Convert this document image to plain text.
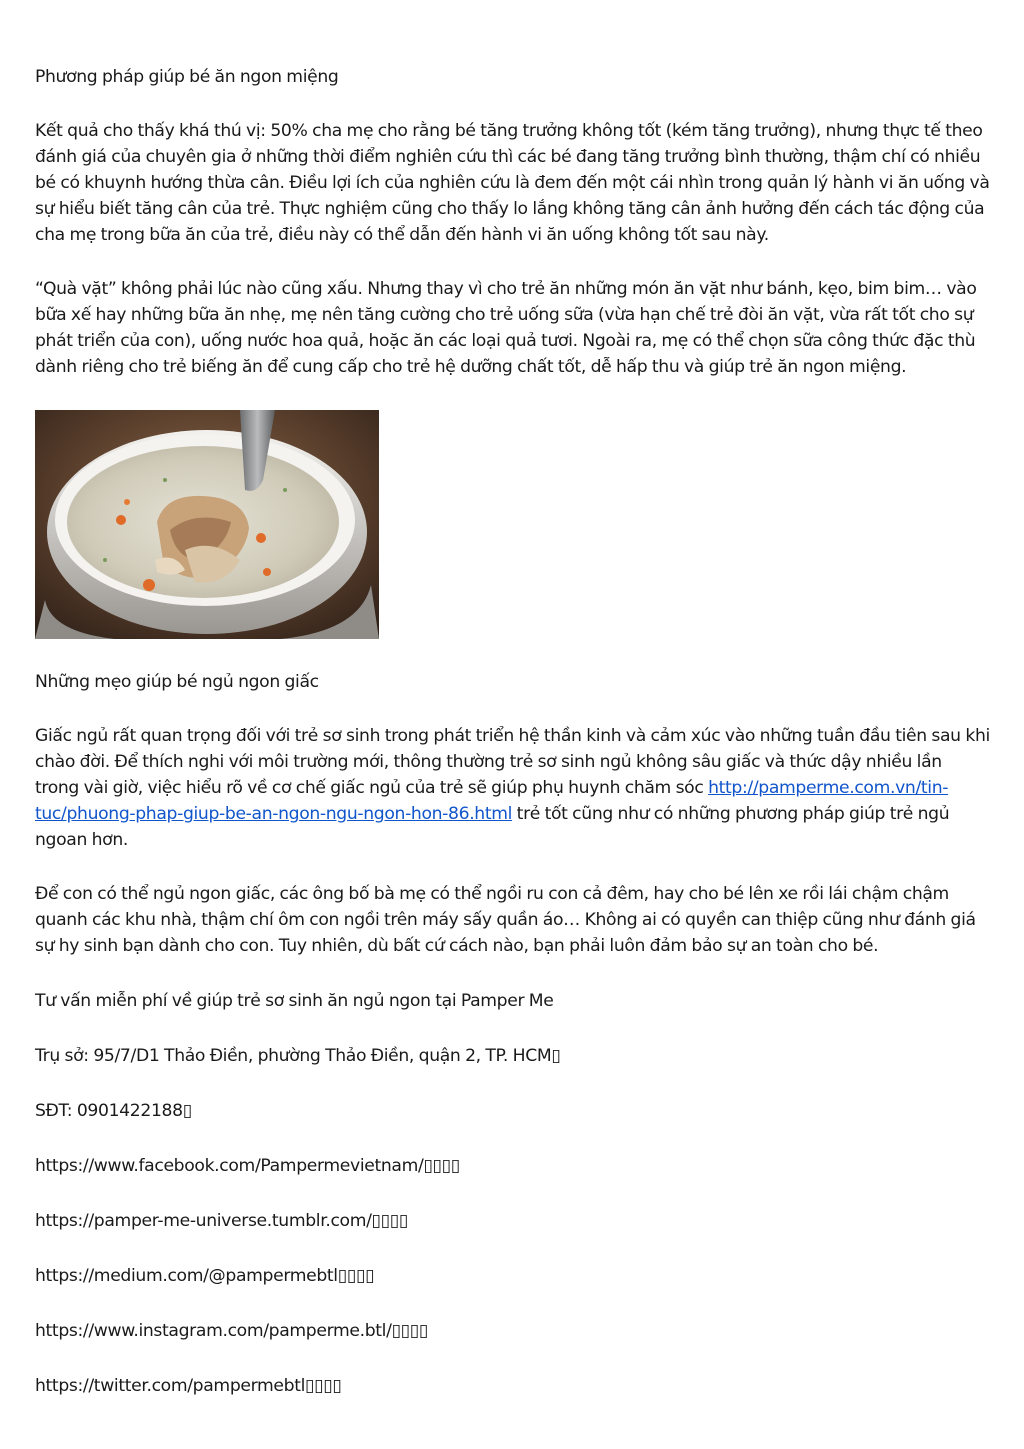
Phương pháp giúp bé ăn ngon miệng

Kết quả cho thấy khá thú vị: 50% cha mẹ cho rằng bé tăng trưởng không tốt (kém tăng trưởng), nhưng thực tế theo đánh giá của chuyên gia ở những thời điểm nghiên cứu thì các bé đang tăng trưởng bình thường, thậm chí có nhiều bé có khuynh hướng thừa cân. Điều lợi ích của nghiên cứu là đem đến một cái nhìn trong quản lý hành vi ăn uống và sự hiểu biết tăng cân của trẻ. Thực nghiệm cũng cho thấy lo lắng không tăng cân ảnh hưởng đến cách tác động của cha mẹ trong bữa ăn của trẻ, điều này có thể dẫn đến hành vi ăn uống không tốt sau này.

“Quà vặt” không phải lúc nào cũng xấu. Nhưng thay vì cho trẻ ăn những món ăn vặt như bánh, kẹo, bim bim… vào bữa xế hay những bữa ăn nhẹ, mẹ nên tăng cường cho trẻ uống sữa (vừa hạn chế trẻ đòi ăn vặt, vừa rất tốt cho sự phát triển của con), uống nước hoa quả, hoặc ăn các loại quả tươi. Ngoài ra, mẹ có thể chọn sữa công thức đặc thù dành riêng cho trẻ biếng ăn để cung cấp cho trẻ hệ dưỡng chất tốt, dễ hấp thu và giúp trẻ ăn ngon miệng.

Những mẹo giúp bé ngủ ngon giấc

Giấc ngủ rất quan trọng đối với trẻ sơ sinh trong phát triển hệ thần kinh và cảm xúc vào những tuần đầu tiên sau khi chào đời. Để thích nghi với môi trường mới, thông thường trẻ sơ sinh ngủ không sâu giấc và thức dậy nhiều lần trong vài giờ, việc hiểu rõ về cơ chế giấc ngủ của trẻ sẽ giúp phụ huynh chăm sóc http://pamperme.com.vn/tin-tuc/phuong-phap-giup-be-an-ngon-ngu-ngon-hon-86.html trẻ tốt cũng như có những phương pháp giúp trẻ ngủ ngoan hơn.

Để con có thể ngủ ngon giấc, các ông bố bà mẹ có thể ngồi ru con cả đêm, hay cho bé lên xe rồi lái chậm chậm quanh các khu nhà, thậm chí ôm con ngồi trên máy sấy quần áo… Không ai có quyền can thiệp cũng như đánh giá sự hy sinh bạn dành cho con. Tuy nhiên, dù bất cứ cách nào, bạn phải luôn đảm bảo sự an toàn cho bé.

Tư vấn miễn phí về giúp trẻ sơ sinh ăn ngủ ngon tại Pamper Me

Trụ sở: 95/7/D1 Thảo Điền, phường Thảo Điền, quận 2, TP. HCM▯

SĐT: 0901422188▯

https://www.facebook.com/Pampermevietnam/▯▯▯▯

https://pamper-me-universe.tumblr.com/▯▯▯▯

https://medium.com/@pampermebtl▯▯▯▯

https://www.instagram.com/pamperme.btl/▯▯▯▯

https://twitter.com/pampermebtl▯▯▯▯
